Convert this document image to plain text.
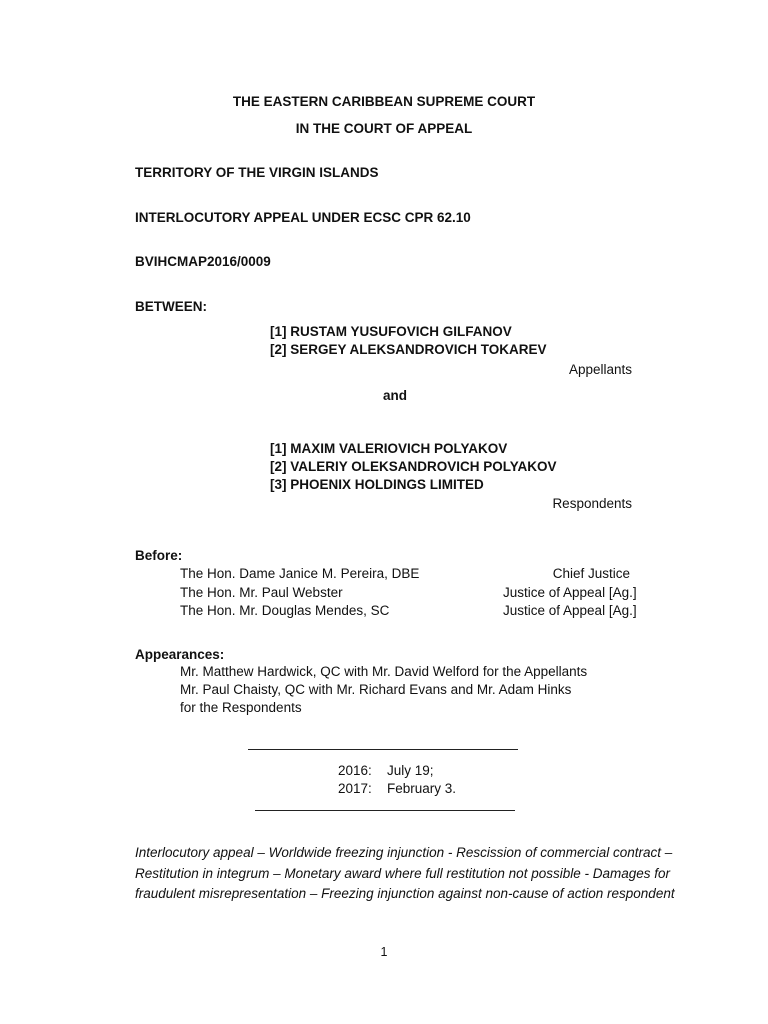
THE EASTERN CARIBBEAN SUPREME COURT
IN THE COURT OF APPEAL
TERRITORY OF THE VIRGIN ISLANDS
INTERLOCUTORY APPEAL UNDER ECSC CPR 62.10
BVIHCMAP2016/0009
BETWEEN:
[1] RUSTAM YUSUFOVICH GILFANOV
[2] SERGEY ALEKSANDROVICH TOKAREV
Appellants
and
[1] MAXIM VALERIOVICH POLYAKOV
[2] VALERIY OLEKSANDROVICH POLYAKOV
[3] PHOENIX HOLDINGS LIMITED
Respondents
Before:
The Hon. Dame Janice M. Pereira, DBE	Chief Justice
The Hon. Mr. Paul Webster	Justice of Appeal [Ag.]
The Hon. Mr. Douglas Mendes, SC	Justice of Appeal [Ag.]
Appearances:
Mr. Matthew Hardwick, QC with Mr. David Welford for the Appellants
Mr. Paul Chaisty, QC with Mr. Richard Evans and Mr. Adam Hinks
for the Respondents
2016: July 19;
2017: February 3.
Interlocutory appeal – Worldwide freezing injunction - Rescission of commercial contract –
Restitution in integrum – Monetary award where full restitution not possible - Damages for
fraudulent misrepresentation – Freezing injunction against non-cause of action respondent
1
